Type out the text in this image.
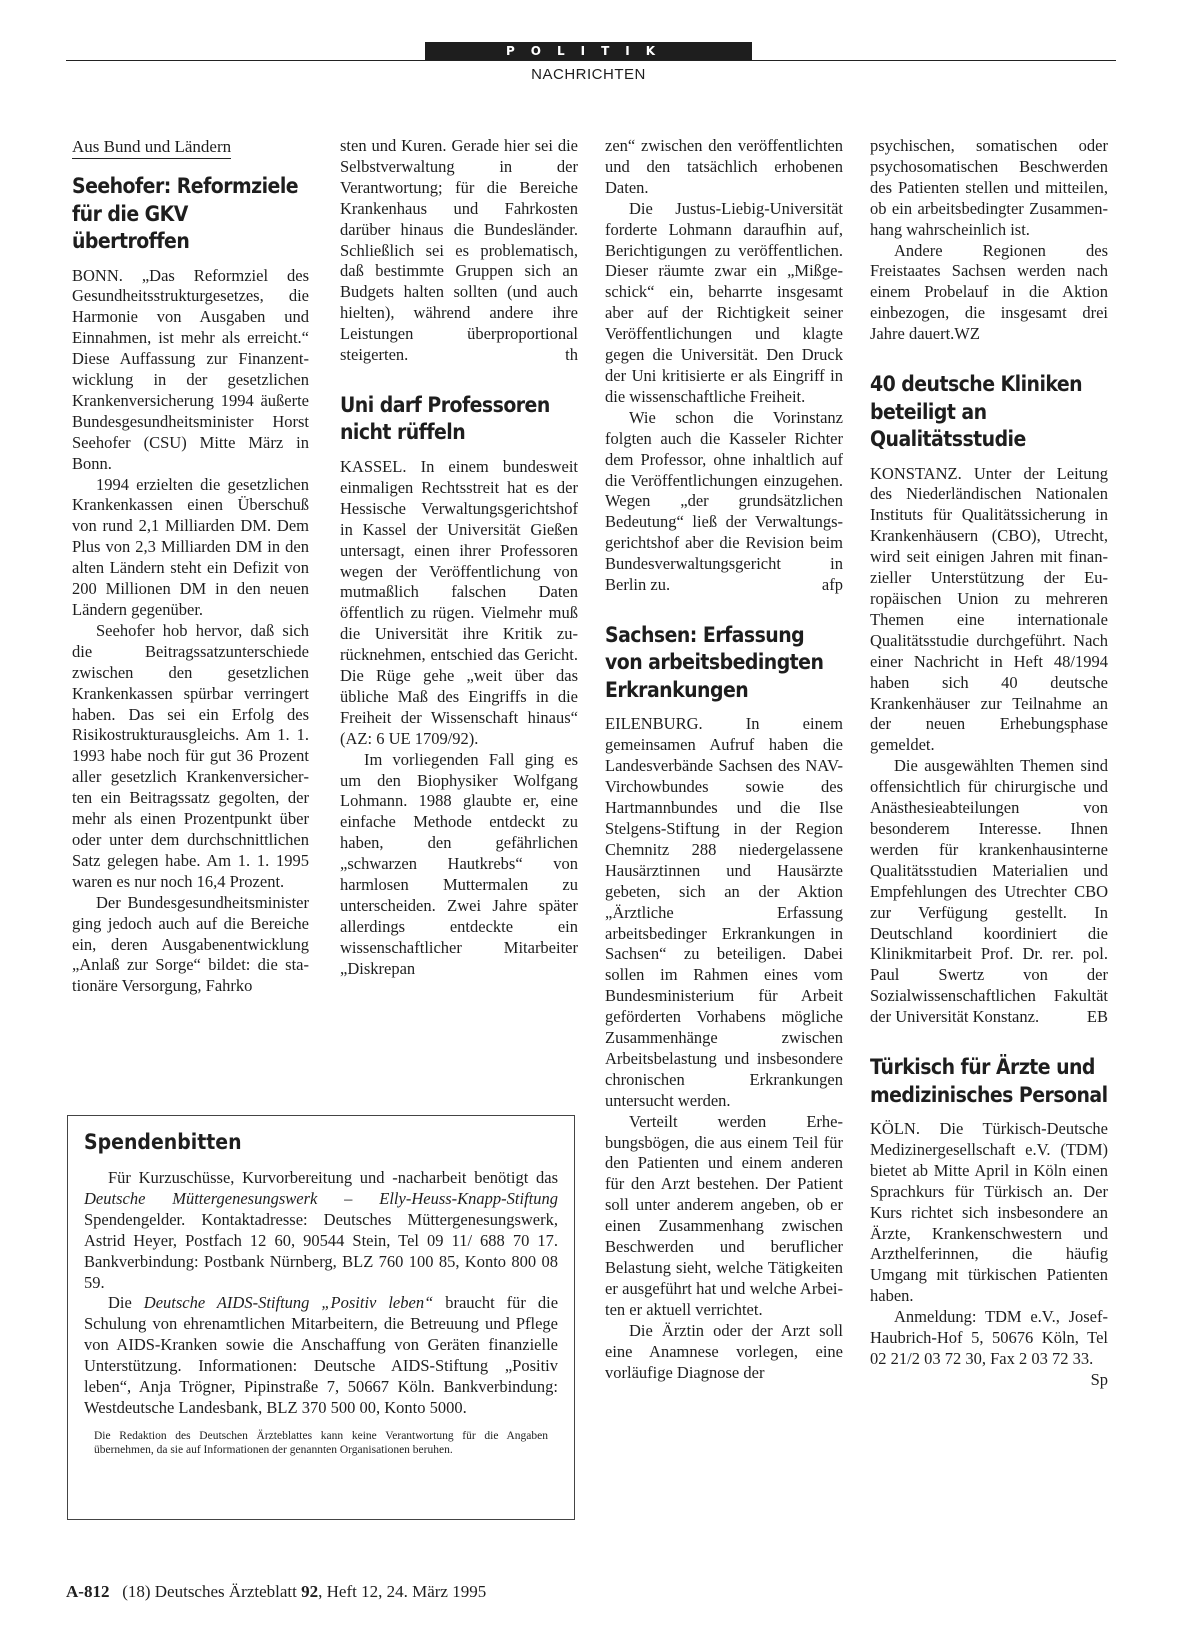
POLITIK
NACHRICHTEN
Aus Bund und Ländern
Seehofer: Reformziele für die GKV übertroffen

BONN. „Das Reformziel des Gesundheitsstrukturgesetzes, die Harmonie von Ausgaben und Einnahmen, ist mehr als erreicht.“ Diese Auffassung zur Finanzentwicklung in der gesetzlichen Krankenversicherung 1994 äußerte Bundesgesundheitsminister Horst Seehofer (CSU) Mitte März in Bonn.

1994 erzielten die gesetzlichen Krankenkassen einen Überschuß von rund 2,1 Milliarden DM. Dem Plus von 2,3 Milliarden DM in den alten Ländern steht ein Defizit von 200 Millionen DM in den neuen Ländern gegenüber.

Seehofer hob hervor, daß sich die Beitragssatzunterschiede zwischen den gesetzlichen Krankenkassen spürbar verringert haben. Das sei ein Erfolg des Risikostrukturausgleichs. Am 1. 1. 1993 habe noch für gut 36 Prozent aller gesetzlich Krankenversicherten ein Beitragssatz gegolten, der mehr als einen Prozentpunkt über oder unter dem durchschnittlichen Satz gelegen habe. Am 1. 1. 1995 waren es nur noch 16,4 Prozent.

Der Bundesgesundheitsminister ging jedoch auch auf die Bereiche ein, deren Ausgabenentwicklung „Anlaß zur Sorge“ bildet: die stationäre Versorgung, Fahrko

sten und Kuren. Gerade hier sei die Selbstverwaltung in der Verantwortung; für die Bereiche Krankenhaus und Fahrkosten darüber hinaus die Bundesländer. Schließlich sei es problematisch, daß bestimmte Gruppen sich an Budgets halten sollten (und auch hielten), während andere ihre Leistungen überproportional steigerten.	th

Uni darf Professoren nicht rüffeln

KASSEL. In einem bundesweit einmaligen Rechtsstreit hat es der Hessische Verwaltungsgerichtshof in Kassel der Universität Gießen untersagt, einen ihrer Professoren wegen der Veröffentlichung von mutmaßlich falschen Daten öffentlich zu rügen. Vielmehr muß die Universität ihre Kritik zurücknehmen, entschied das Gericht. Die Rüge gehe „weit über das übliche Maß des Eingriffs in die Freiheit der Wissenschaft hinaus“ (AZ: 6 UE 1709/92).

Im vorliegenden Fall ging es um den Biophysiker Wolfgang Lohmann. 1988 glaubte er, eine einfache Methode entdeckt zu haben, den gefährlichen „schwarzen Hautkrebs“ von harmlosen Muttermalen zu unterscheiden. Zwei Jahre später allerdings entdeckte ein wissenschaftlicher Mitarbeiter „Diskrepan

zen“ zwischen den veröffentlichten und den tatsächlich erhobenen Daten.

Die Justus-Liebig-Universität forderte Lohmann daraufhin auf, Berichtigungen zu veröffentlichen. Dieser räumte zwar ein „Mißgeschick“ ein, beharrte insgesamt aber auf der Richtigkeit seiner Veröffentlichungen und klagte gegen die Universität. Den Druck der Uni kritisierte er als Eingriff in die wissenschaftliche Freiheit.

Wie schon die Vorinstanz folgten auch die Kasseler Richter dem Professor, ohne inhaltlich auf die Veröffentlichungen einzugehen. Wegen „der grundsätzlichen Bedeutung“ ließ der Verwaltungsgerichtshof aber die Revision beim Bundesverwaltungsgericht in Berlin zu.	afp

Sachsen: Erfassung von arbeitsbedingten Erkrankungen

EILENBURG. In einem gemeinsamen Aufruf haben die Landesverbände Sachsen des NAV-Virchowbundes sowie des Hartmannbundes und die Ilse Stelgens-Stiftung in der Region Chemnitz 288 niedergelassene Hausärztinnen und Hausärzte gebeten, sich an der Aktion „Ärztliche Erfassung arbeitsbedinger Erkrankungen in Sachsen“ zu beteiligen. Dabei sollen im Rahmen eines vom Bundesministerium für Arbeit geförderten Vorhabens mögliche Zusammenhänge zwischen Arbeitsbelastung und insbesondere chronischen Erkrankungen untersucht werden.

Verteilt werden Erhebungsbögen, die aus einem Teil für den Patienten und einem anderen für den Arzt bestehen. Der Patient soll unter anderem angeben, ob er einen Zusammenhang zwischen Beschwerden und beruflicher Belastung sieht, welche Tätigkeiten er ausgeführt hat und welche Arbeiten er aktuell verrichtet.

Die Ärztin oder der Arzt soll eine Anamnese vorlegen, eine vorläufige Diagnose der

psychischen, somatischen oder psychosomatischen Beschwerden des Patienten stellen und mitteilen, ob ein arbeitsbedingter Zusammenhang wahrscheinlich ist.

Andere Regionen des Freistaates Sachsen werden nach einem Probelauf in die Aktion einbezogen, die insgesamt drei Jahre dauert.WZ

40 deutsche Kliniken beteiligt an Qualitätsstudie

KONSTANZ. Unter der Leitung des Niederländischen Nationalen Instituts für Qualitätssicherung in Krankenhäusern (CBO), Utrecht, wird seit einigen Jahren mit finanzieller Unterstützung der Europäischen Union zu mehreren Themen eine internationale Qualitätsstudie durchgeführt. Nach einer Nachricht in Heft 48/1994 haben sich 40 deutsche Krankenhäuser zur Teilnahme an der neuen Erhebungsphase gemeldet.

Die ausgewählten Themen sind offensichtlich für chirurgische und Anästhesieabteilungen von besonderem Interesse. Ihnen werden für krankenhausinterne Qualitätsstudien Materialien und Empfehlungen des Utrechter CBO zur Verfügung gestellt. In Deutschland koordiniert die Klinikmitarbeit Prof. Dr. rer. pol. Paul Swertz von der Sozialwissenschaftlichen Fakultät der Universität Konstanz.	EB

Türkisch für Ärzte und medizinisches Personal

KÖLN. Die Türkisch-Deutsche Medizinergesellschaft e.V. (TDM) bietet ab Mitte April in Köln einen Sprachkurs für Türkisch an. Der Kurs richtet sich insbesondere an Ärzte, Krankenschwestern und Arzthelferinnen, die häufig Umgang mit türkischen Patienten haben.

Anmeldung: TDM e.V., Josef-Haubrich-Hof 5, 50676 Köln, Tel 02 21/2 03 72 30, Fax 2 03 72 33.
Sp

Spendenbitten

Für Kurzuschüsse, Kurvorbereitung und -nacharbeit benötigt das Deutsche Müttergenesungswerk – Elly-Heuss-Knapp-Stiftung Spendengelder. Kontaktadresse: Deutsches Müttergenesungswerk, Astrid Heyer, Postfach 12 60, 90544 Stein, Tel 09 11/ 688 70 17. Bankverbindung: Postbank Nürnberg, BLZ 760 100 85, Konto 800 08 59.

Die Deutsche AIDS-Stiftung „Positiv leben“ braucht für die Schulung von ehrenamtlichen Mitarbeitern, die Betreuung und Pflege von AIDS-Kranken sowie die Anschaffung von Geräten finanzielle Unterstützung. Informationen: Deutsche AIDS-Stiftung „Positiv leben“, Anja Trögner, Pipinstraße 7, 50667 Köln. Bankverbindung: Westdeutsche Landesbank, BLZ 370 500 00, Konto 5000.

Die Redaktion des Deutschen Ärzteblattes kann keine Verantwortung für die Angaben übernehmen, da sie auf Informationen der genannten Organisationen beruhen.

A-812 (18) Deutsches Ärzteblatt 92, Heft 12, 24. März 1995
